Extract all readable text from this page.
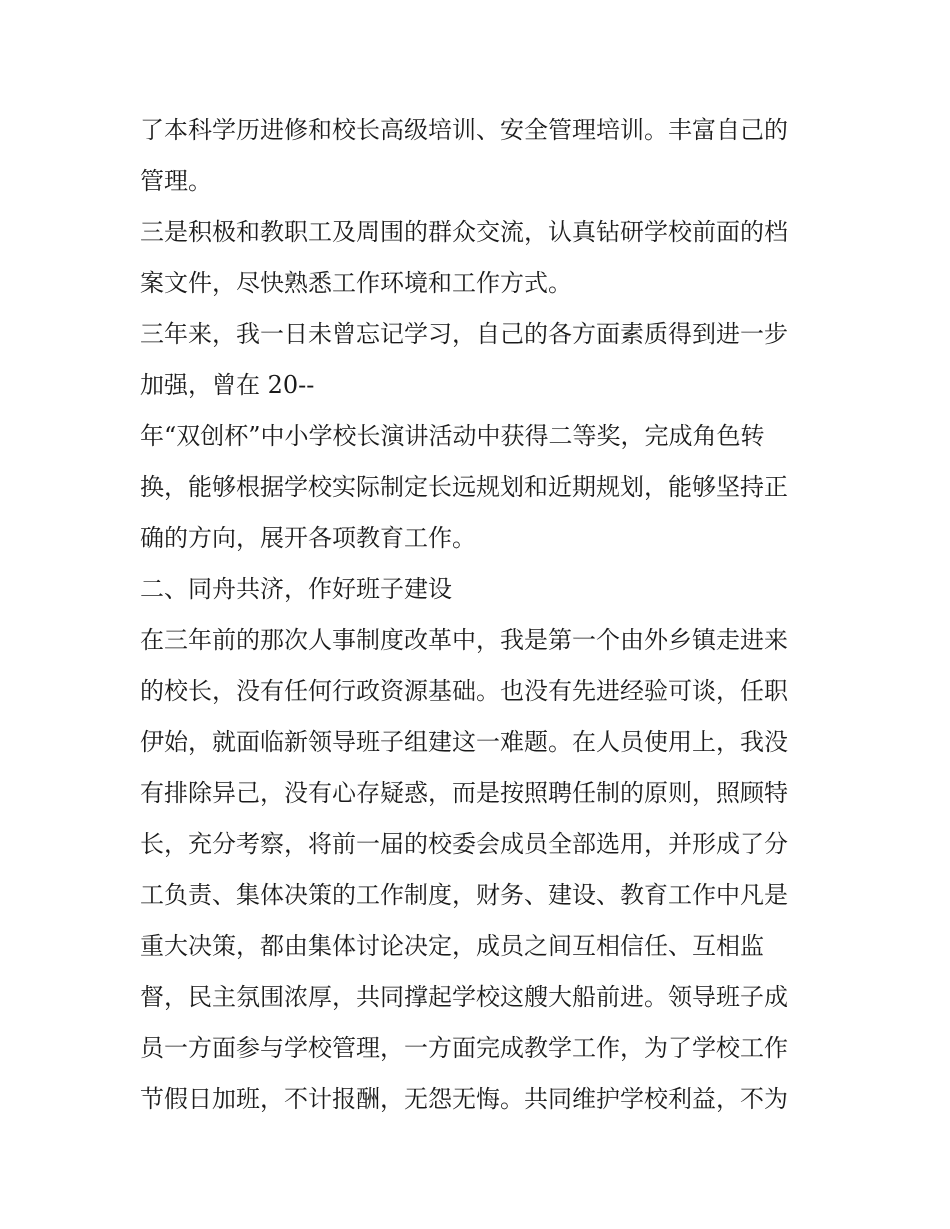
了本科学历进修和校长高级培训、安全管理培训。丰富自己的
管理。
三是积极和教职工及周围的群众交流，认真钻研学校前面的档
案文件，尽快熟悉工作环境和工作方式。
三年来，我一日未曾忘记学习，自己的各方面素质得到进一步
加强，曾在 20--
年“双创杯”中小学校长演讲活动中获得二等奖，完成角色转
换，能够根据学校实际制定长远规划和近期规划，能够坚持正
确的方向，展开各项教育工作。
二、同舟共济，作好班子建设
在三年前的那次人事制度改革中，我是第一个由外乡镇走进来
的校长，没有任何行政资源基础。也没有先进经验可谈，任职
伊始，就面临新领导班子组建这一难题。在人员使用上，我没
有排除异己，没有心存疑惑，而是按照聘任制的原则，照顾特
长，充分考察，将前一届的校委会成员全部选用，并形成了分
工负责、集体决策的工作制度，财务、建设、教育工作中凡是
重大决策，都由集体讨论决定，成员之间互相信任、互相监
督，民主氛围浓厚，共同撑起学校这艘大船前进。领导班子成
员一方面参与学校管理，一方面完成教学工作，为了学校工作
节假日加班，不计报酬，无怨无悔。共同维护学校利益，不为
